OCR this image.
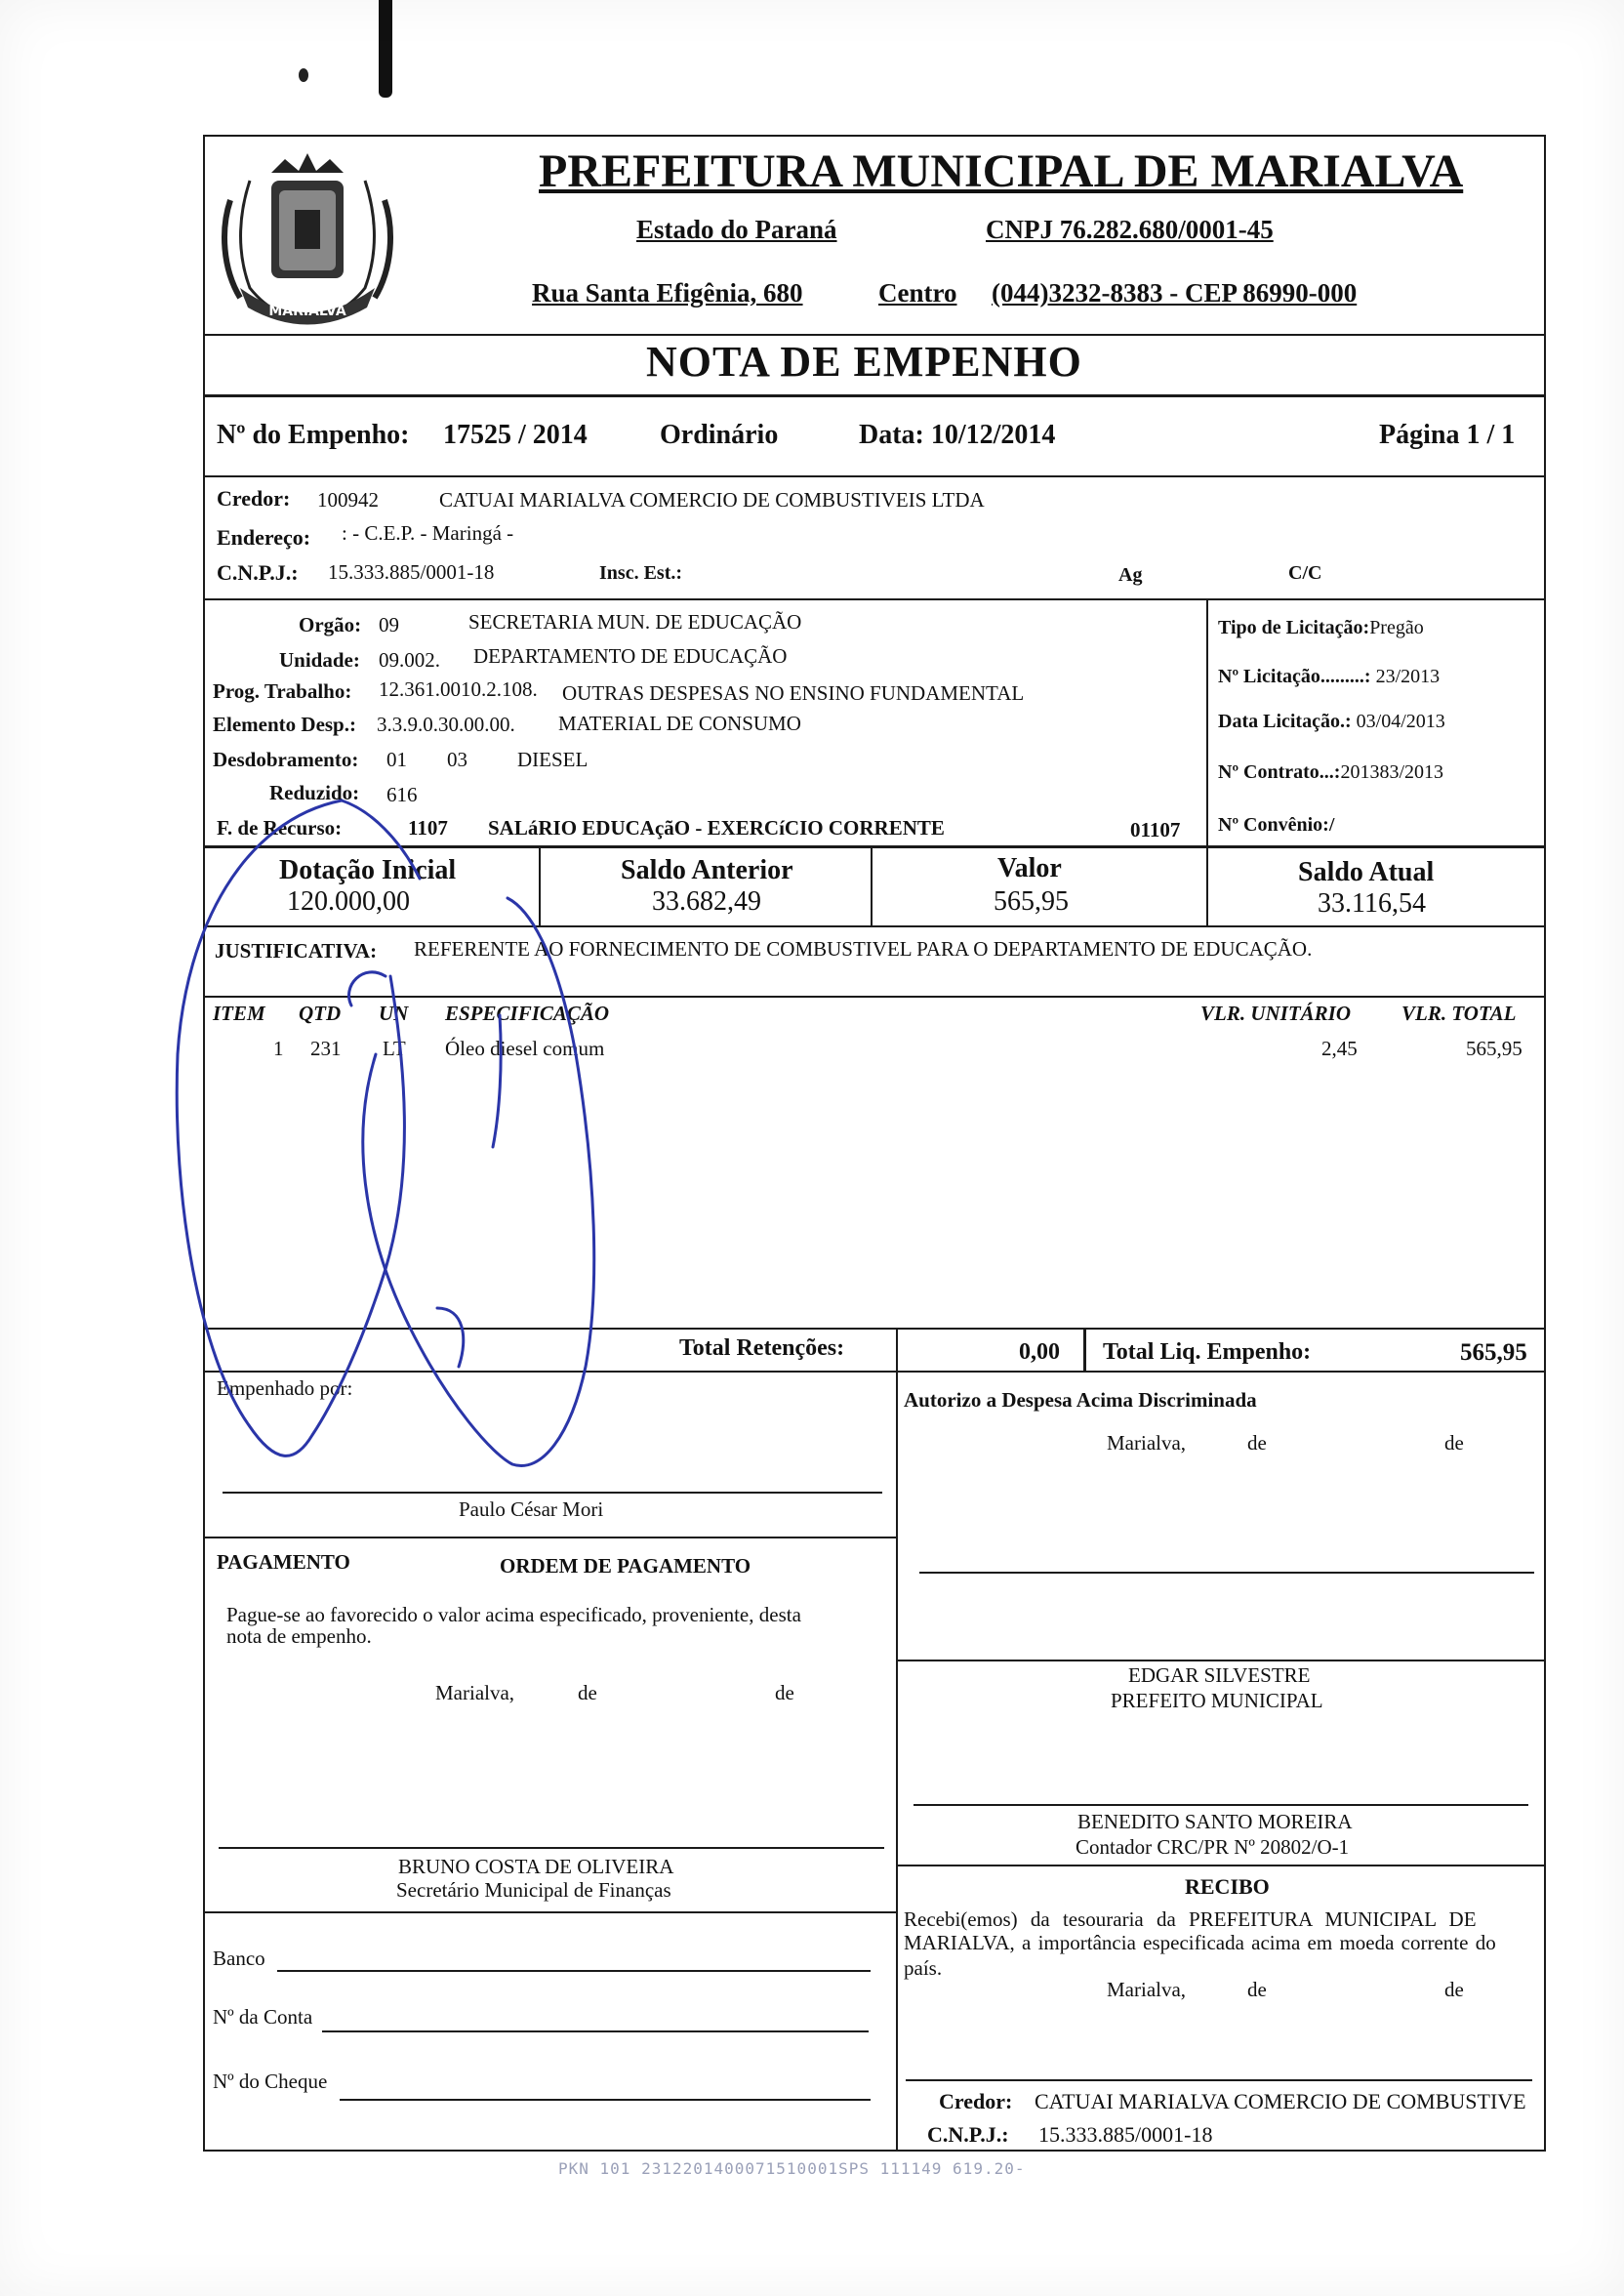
MARIALVA
PREFEITURA MUNICIPAL DE MARIALVA
Estado do Paraná	CNPJ 76.282.680/0001-45
Rua Santa Efigênia, 680	Centro (044)3232-8383 - CEP 86990-000
NOTA DE EMPENHO
Nº do Empenho: 17525 / 2014	Ordinário	Data: 10/12/2014	Página 1 / 1
Credor: 100942	CATUAI MARIALVA COMERCIO DE COMBUSTIVEIS LTDA
Endereço: : - C.E.P. - Maringá -
C.N.P.J.: 15.333.885/0001-18	Insc. Est.:	Ag	C/C
Orgão: 09	SECRETARIA MUN. DE EDUCAÇÃO
Unidade: 09.002. DEPARTAMENTO DE EDUCAÇÃO
Prog. Trabalho: 12.361.0010.2.108. OUTRAS DESPESAS NO ENSINO FUNDAMENTAL
Elemento Desp.: 3.3.9.0.30.00.00. MATERIAL DE CONSUMO
Desdobramento: 01 03 DIESEL
Reduzido: 616
F. de Recurso:	1107 SALáRIO EDUCAçãO - EXERCíCIO CORRENTE	01107
Tipo de Licitação:Pregão
Nº Licitação.........: 23/2013
Data Licitação.: 03/04/2013
Nº Contrato...:201383/2013
Nº Convênio:/
Dotação Inicial
120.000,00
Saldo Anterior
33.682,49
Valor
565,95
Saldo Atual
33.116,54
JUSTIFICATIVA: REFERENTE AO FORNECIMENTO DE COMBUSTIVEL PARA O DEPARTAMENTO DE EDUCAÇÃO.
ITEM QTD UN ESPECIFICAÇÃO	VLR. UNITÁRIO VLR. TOTAL
1 231 LT Óleo diesel comum	2,45	565,95
Total Retenções:	0,00 Total Liq. Empenho:	565,95
Empenhado por:
Paulo César Mori
Autorizo a Despesa Acima Discriminada
Marialva,	de	de
EDGAR SILVESTRE
PREFEITO MUNICIPAL
BENEDITO SANTO MOREIRA
Contador CRC/PR Nº 20802/O-1
PAGAMENTO	ORDEM DE PAGAMENTO
Pague-se ao favorecido o valor acima especificado, proveniente, desta
nota de empenho.
Marialva,	de	de
BRUNO COSTA DE OLIVEIRA
Secretário Municipal de Finanças
Banco
Nº da Conta
Nº do Cheque
RECIBO
Recebi(emos) da tesouraria da PREFEITURA MUNICIPAL DE
MARIALVA, a importância especificada acima em moeda corrente do
país.
Marialva,	de	de
Credor: CATUAI MARIALVA COMERCIO DE COMBUSTIVE
C.N.P.J.: 15.333.885/0001-18
PKN 101 2312201400071510001SPS 111149 619.20-
